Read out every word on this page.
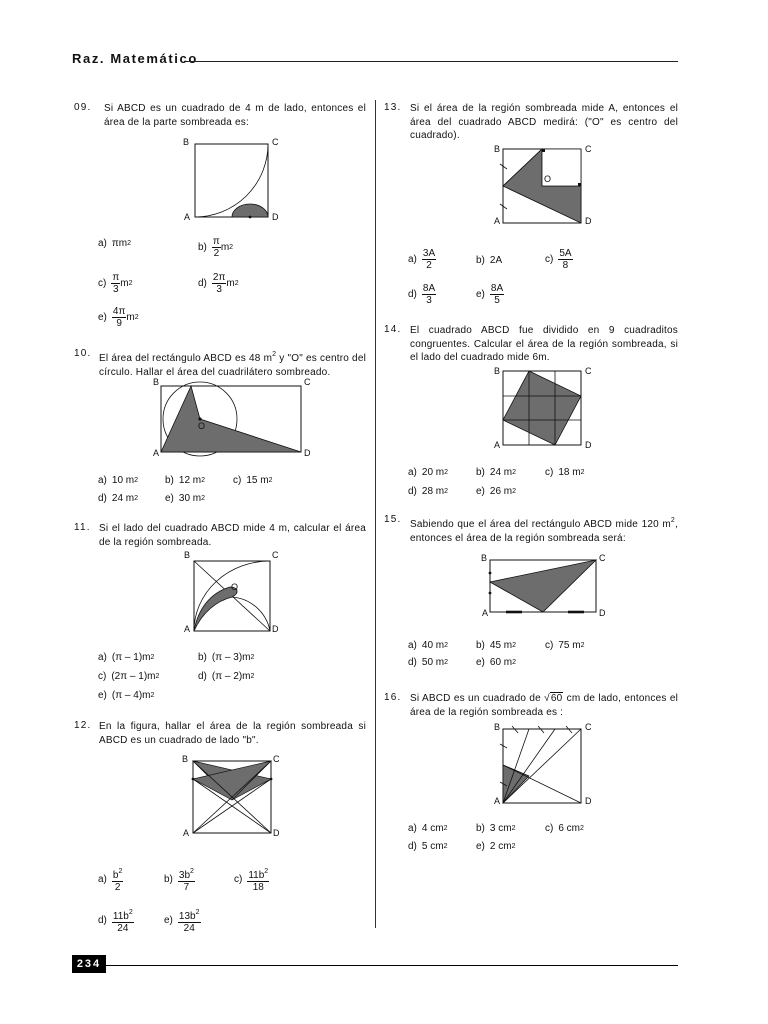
Raz. Matemático
09. Si ABCD es un cuadrado de 4 m de lado, entonces el área de la parte sombreada es:
B	C
A	D
a) πm 2	$b) \frac{\pi}{2}$ m 2
$c) \frac{\pi}{3}$ m 2	$d) \frac{2\pi}{3}$ m 2
$e) \frac{4\pi}{9}$ m 2
10. El área del rectángulo ABCD es 48 $m^2$ y "O" es centro del círculo. Hallar el área del cuadrilátero sombreado.
B	C
A	D
O
a) 10 m 2	b) 12 m 2	c) 15 m 2
d) 24 m 2	e) 30 m 2
11. Si el lado del cuadrado ABCD mide 4 m, calcular el área de la región sombreada.
B	C
A	D
O
a) (π – 1)m 2	b) (π – 3)m 2
c) (2π – 1)m 2	d) (π – 2)m 2
e) (π – 4)m 2
12. En la figura, hallar el área de la región sombreada si ABCD es un cuadrado de lado "b".
B	C
A	D
$a) \frac{b^2}{2}$	$b) \frac{3b^2}{7}$	$c) \frac{11b^2}{18}$
$d) \frac{11b^2}{24}$	$e) \frac{13b^2}{24}$
13. Si el área de la región sombreada mide A, entonces el área del cuadrado ABCD medirá: ("O" es centro del cuadrado).
B	C
A	D
O
$a) \frac{3A}{2}$	b) 2A	$c) \frac{5A}{8}$
$d) \frac{8A}{3}$	$e) \frac{8A}{5}$
14. El cuadrado ABCD fue dividido en 9 cuadraditos congruentes. Calcular el área de la región sombreada, si el lado del cuadrado mide 6m.
B	C
A	D
a) 20 m 2	b) 24 m 2	c) 18 m 2
d) 28 m 2	e) 26 m 2
15. Sabiendo que el área del rectángulo ABCD mide 120 $m^2$, entonces el área de la región sombreada será:
B	C
A	D
a) 40 m 2	b) 45 m 2	c) 75 m 2
d) 50 m 2	e) 60 m 2
16. Si ABCD es un cuadrado de √60 cm de lado, entonces el área de la región sombreada es :
B	C
A	D
a) 4 cm 2	b) 3 cm 2	c) 6 cm 2
d) 5 cm 2	e) 2 cm 2
234
